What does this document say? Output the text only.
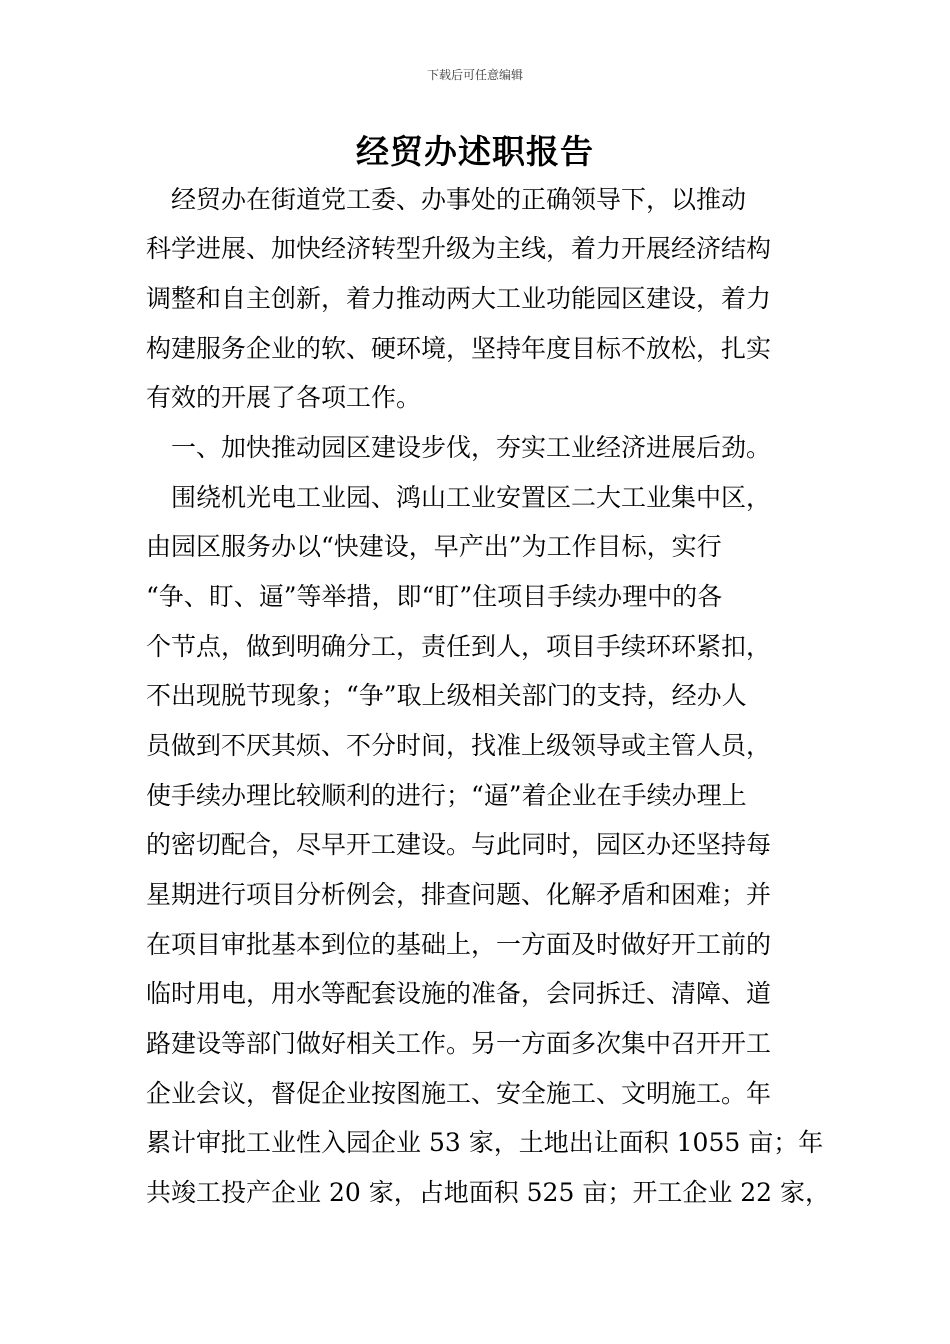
下载后可任意编辑
经贸办述职报告
　经贸办在街道党工委、办事处的正确领导下，以推动
科学进展、加快经济转型升级为主线，着力开展经济结构
调整和自主创新，着力推动两大工业功能园区建设，着力
构建服务企业的软、硬环境，坚持年度目标不放松，扎实
有效的开展了各项工作。
　一、加快推动园区建设步伐，夯实工业经济进展后劲。
　围绕机光电工业园、鸿山工业安置区二大工业集中区，
由园区服务办以“快建设，早产出”为工作目标，实行
“争、盯、逼”等举措，即“盯”住项目手续办理中的各
个节点，做到明确分工，责任到人，项目手续环环紧扣，
不出现脱节现象；“争”取上级相关部门的支持，经办人
员做到不厌其烦、不分时间，找准上级领导或主管人员，
使手续办理比较顺利的进行；“逼”着企业在手续办理上
的密切配合，尽早开工建设。与此同时，园区办还坚持每
星期进行项目分析例会，排查问题、化解矛盾和困难；并
在项目审批基本到位的基础上，一方面及时做好开工前的
临时用电，用水等配套设施的准备，会同拆迁、清障、道
路建设等部门做好相关工作。另一方面多次集中召开开工
企业会议，督促企业按图施工、安全施工、文明施工。年
累计审批工业性入园企业 53 家，土地出让面积 1055 亩；年
共竣工投产企业 20 家，占地面积 525 亩；开工企业 22 家，
